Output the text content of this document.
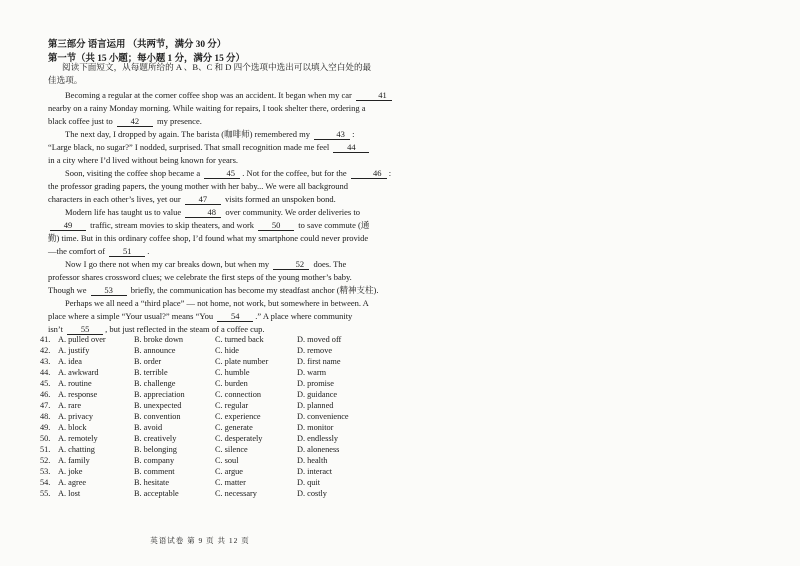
第三部分 语言运用 （共两节，满分 30 分）
第一节（共 15 小题；每小题 1 分，满分 15 分）
阅读下面短文，从每题所给的 A 、B、C 和 D 四个选项中选出可以填入空白处的最
佳选项。
Becoming a regular at the corner coffee shop was an accident. It began when my car	41
nearby on a rainy Monday morning. While waiting for repairs, I took shelter there, ordering a
black coffee just to 42 my presence.
The next day, I dropped by again. The barista (咖啡师) remembered my	43 :
“Large black, no sugar?” I nodded, surprised. That small recognition made me feel 44
in a city where I’d lived without being known for years.
Soon, visiting the coffee shop became a	45 . Not for the coffee, but for the	46 :
the professor grading papers, the young mother with her baby... We were all background
characters in each other’s lives, yet our 47 visits formed an unspoken bond.
Modern life has taught us to value	48 over community. We order deliveries to
49 traffic, stream movies to skip theaters, and work 50 to save commute (通
勤) time. But in this ordinary coffee shop, I’d found what my smartphone could never provide
—the comfort of 51 .
Now I go there not when my car breaks down, but when my	52 does. The
professor shares crossword clues; we celebrate the first steps of the young mother’s baby.
Though we 53 briefly, the communication has become my steadfast anchor (精神支柱).
Perhaps we all need a “third place” — not home, not work, but somewhere in between. A
place where a simple “Your usual?” means “You 54 .” A place where community
isn’t 55 , but just reflected in the steam of a coffee cup.
41. A. pulled over	B. broke down	C. turned back	D. moved off
42. A. justify	B. announce	C. hide	D. remove
43. A. idea	B. order	C. plate number	D. first name
44. A. awkward	B. terrible	C. humble	D. warm
45. A. routine	B. challenge	C. burden	D. promise
46. A. response	B. appreciation	C. connection	D. guidance
47. A. rare	B. unexpected	C. regular	D. planned
48. A. privacy	B. convention	C. experience	D. convenience
49. A. block	B. avoid	C. generate	D. monitor
50. A. remotely	B. creatively	C. desperately	D. endlessly
51. A. chatting	B. belonging	C. silence	D. aloneness
52. A. family	B. company	C. soul	D. health
53. A. joke	B. comment	C. argue	D. interact
54. A. agree	B. hesitate	C. matter	D. quit
55. A. lost	B. acceptable	C. necessary	D. costly
英语试卷 第 9 页 共 12 页
